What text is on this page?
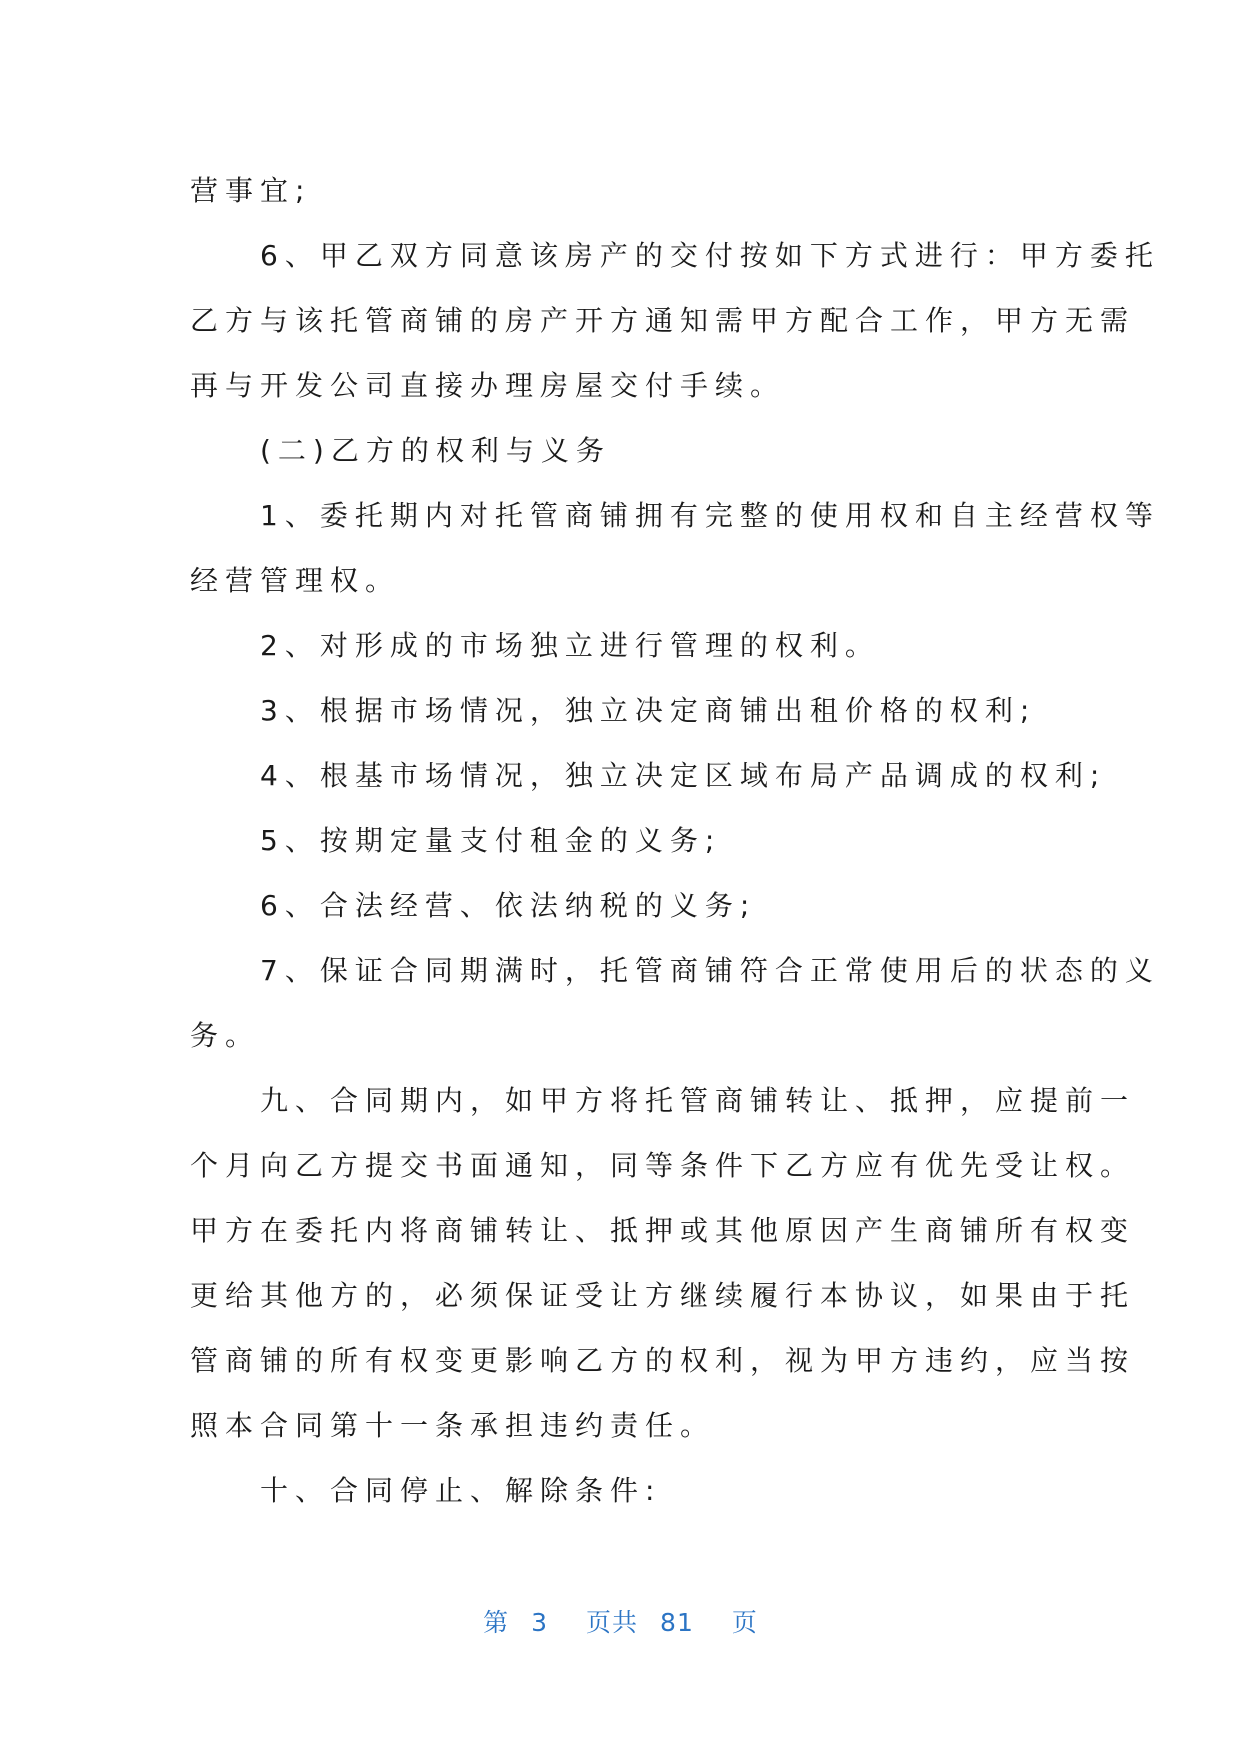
营事宜;

　　6、甲乙双方同意该房产的交付按如下方式进行：甲方委托

乙方与该托管商铺的房产开方通知需甲方配合工作，甲方无需

再与开发公司直接办理房屋交付手续。

　　(二)乙方的权利与义务

　　1、委托期内对托管商铺拥有完整的使用权和自主经营权等

经营管理权。

　　2、对形成的市场独立进行管理的权利。

　　3、根据市场情况，独立决定商铺出租价格的权利;

　　4、根基市场情况，独立决定区域布局产品调成的权利;

　　5、按期定量支付租金的义务;

　　6、合法经营、依法纳税的义务;

　　7、保证合同期满时，托管商铺符合正常使用后的状态的义

务。

　　九、合同期内，如甲方将托管商铺转让、抵押，应提前一

个月向乙方提交书面通知，同等条件下乙方应有优先受让权。

甲方在委托内将商铺转让、抵押或其他原因产生商铺所有权变

更给其他方的，必须保证受让方继续履行本协议，如果由于托

管商铺的所有权变更影响乙方的权利，视为甲方违约，应当按

照本合同第十一条承担违约责任。

　　十、合同停止、解除条件:

第 3 页共 81 页
